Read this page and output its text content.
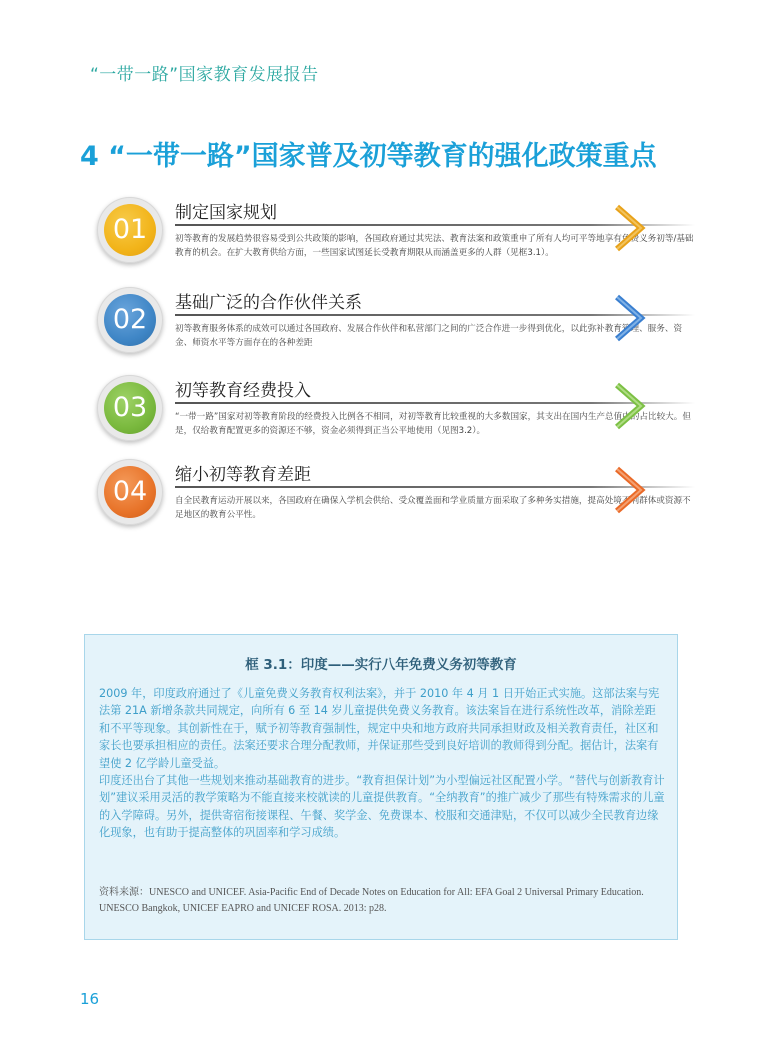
“一带一路”国家教育发展报告
4 “一带一路”国家普及初等教育的强化政策重点
01
制定国家规划
初等教育的发展趋势很容易受到公共政策的影响，各国政府通过其宪法、教育法案和政策重申了所有人均可平等地享有免费义务初等/基础教育的机会。在扩大教育供给方面，一些国家试图延长受教育期限从而涵盖更多的人群（见框3.1）。
02
基础广泛的合作伙伴关系
初等教育服务体系的成效可以通过各国政府、发展合作伙伴和私营部门之间的广泛合作进一步得到优化，以此弥补教育管理、服务、资金、师资水平等方面存在的各种差距
03
初等教育经费投入
“一带一路”国家对初等教育阶段的经费投入比例各不相同，对初等教育比较重视的大多数国家，其支出在国内生产总值中的占比较大。但是，仅给教育配置更多的资源还不够，资金必须得到正当公平地使用（见图3.2）。
04
缩小初等教育差距
自全民教育运动开展以来，各国政府在确保入学机会供给、受众覆盖面和学业质量方面采取了多种务实措施，提高处境不利群体或资源不足地区的教育公平性。
框 3.1：印度——实行八年免费义务初等教育

2009 年，印度政府通过了《儿童免费义务教育权利法案》，并于 2010 年 4 月 1 日开始正式实施。这部法案与宪法第 21A 新增条款共同规定，向所有 6 至 14 岁儿童提供免费义务教育。该法案旨在进行系统性改革，消除差距和不平等现象。其创新性在于，赋予初等教育强制性，规定中央和地方政府共同承担财政及相关教育责任，社区和家长也要承担相应的责任。法案还要求合理分配教师，并保证那些受到良好培训的教师得到分配。据估计，法案有望使 2 亿学龄儿童受益。

印度还出台了其他一些规划来推动基础教育的进步。“教育担保计划”为小型偏远社区配置小学。“替代与创新教育计划”建议采用灵活的教学策略为不能直接来校就读的儿童提供教育。“全纳教育”的推广减少了那些有特殊需求的儿童的入学障碍。另外，提供寄宿衔接课程、午餐、奖学金、免费课本、校服和交通津贴，不仅可以减少全民教育边缘化现象，也有助于提高整体的巩固率和学习成绩。

资料来源：UNESCO and UNICEF. Asia-Pacific End of Decade Notes on Education for All: EFA Goal 2 Universal Primary Education. UNESCO Bangkok, UNICEF EAPRO and UNICEF ROSA. 2013: p28.
16
